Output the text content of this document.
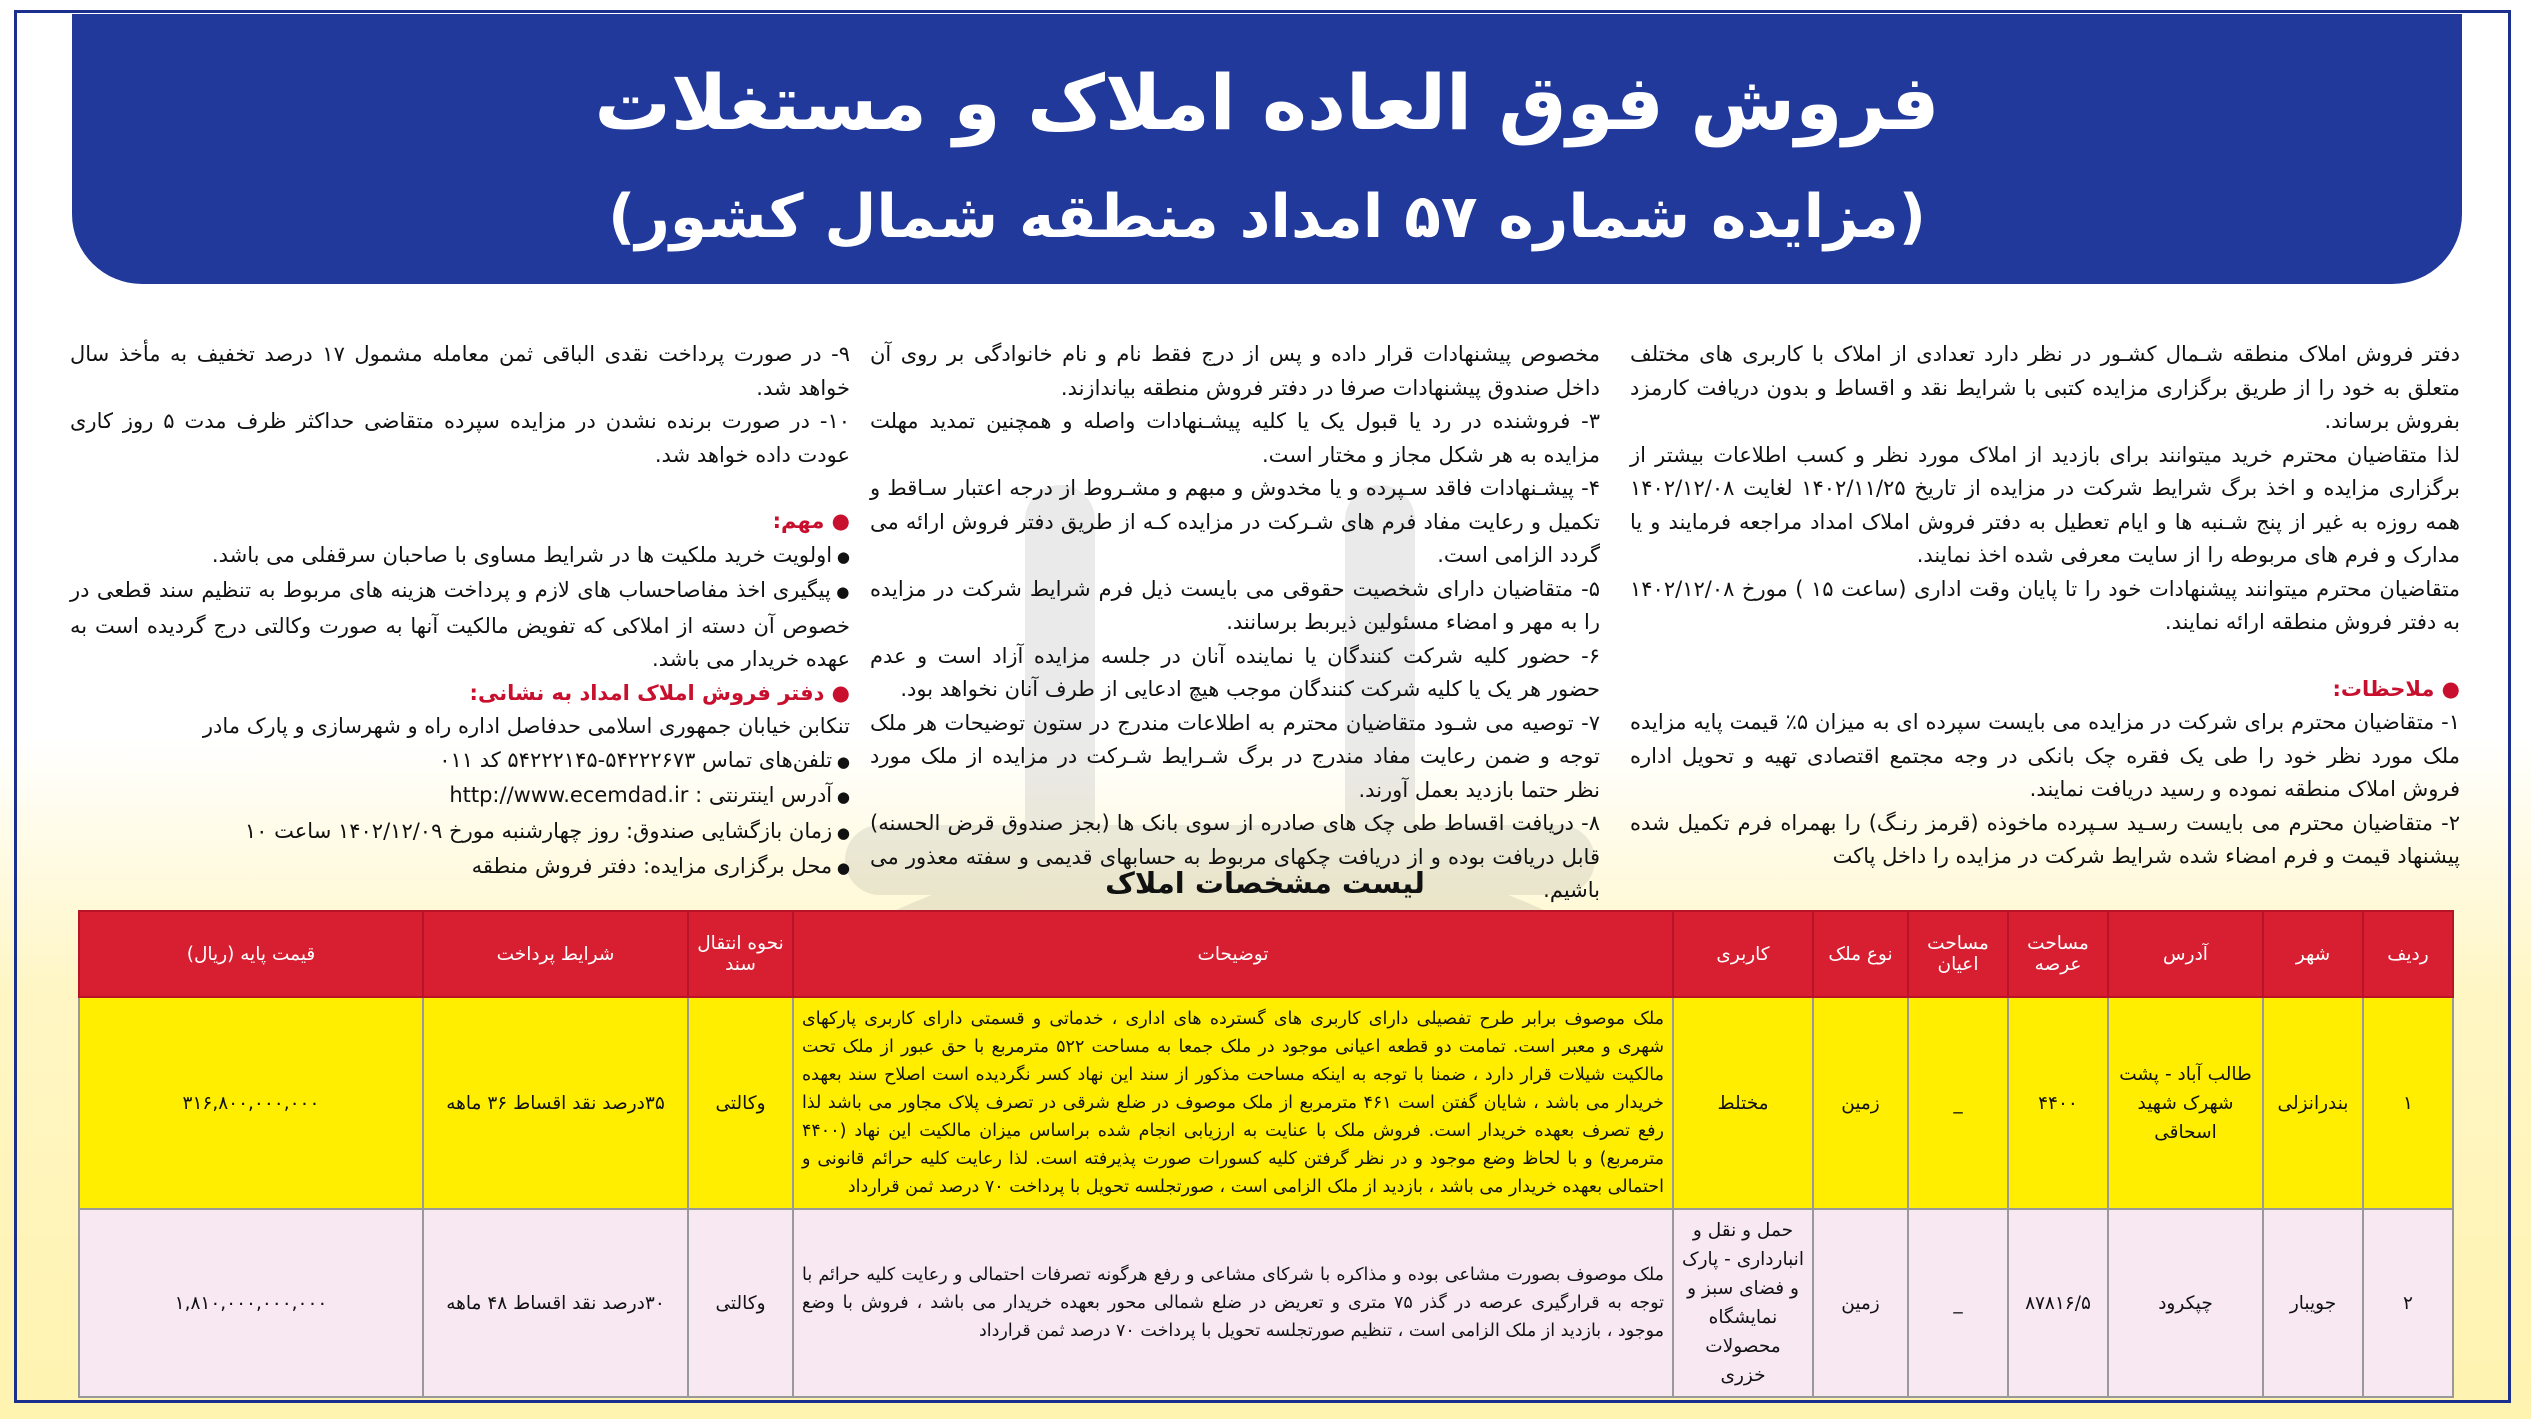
فروش فوق العاده املاک و مستغلات
(مزایده شماره ۵۷ امداد منطقه شمال کشور)

دفتر فروش املاک منطقه شـمال کشـور در نظر دارد تعدادی از املاک با کاربری های مختلف متعلق به خود را از طریق برگزاری مزایده کتبی با شرایط نقد و اقساط و بدون دریافت کارمزد بفروش برساند.

لذا متقاضیان محترم خرید میتوانند برای بازدید از املاک مورد نظر و کسب اطلاعات بیشتر از برگزاری مزایده و اخذ برگ شرایط شرکت در مزایده از تاریخ ۱۴۰۲/۱۱/۲۵ لغایت ۱۴۰۲/۱۲/۰۸ همه روزه به غیر از پنج شـنبه ها و ایام تعطیل به دفتر فروش املاک امداد مراجعه فرمایند و یا مدارک و فرم های مربوطه را از سایت معرفی شده اخذ نمایند.

متقاضیان محترم میتوانند پیشنهادات خود را تا پایان وقت اداری (ساعت ۱۵ ) مورخ ۱۴۰۲/۱۲/۰۸ به دفتر فروش منطقه ارائه نمایند.

● ملاحظات:

۱- متقاضیان محترم برای شرکت در مزایده می بایست سپرده ای به میزان ۵٪ قیمت پایه مزایده ملک مورد نظر خود را طی یک فقره چک بانکی در وجه مجتمع اقتصادی تهیه و تحویل اداره فروش املاک منطقه نموده و رسید دریافت نمایند.

۲- متقاضیان محترم می بایست رسـید سـپرده ماخوذه (قرمز رنـگ) را بهمراه فرم تکمیل شده پیشنهاد قیمت و فرم امضاء شده شرایط شرکت در مزایده را داخل پاکت

مخصوص پیشنهادات قرار داده و پس از درج فقط نام و نام خانوادگی بر روی آن داخل صندوق پیشنهادات صرفا در دفتر فروش منطقه بیاندازند.

۳- فروشنده در رد یا قبول یک یا کلیه پیشـنهادات واصله و همچنین تمدید مهلت مزایده به هر شکل مجاز و مختار است.

۴- پیشـنهادات فاقد سـپرده و یا مخدوش و مبهم و مشـروط از درجه اعتبار سـاقط و تکمیل و رعایت مفاد فرم های شـرکت در مزایده کـه از طریق دفتر فروش ارائه می گردد الزامی است.

۵- متقاضیان دارای شخصیت حقوقی می بایست ذیل فرم شرایط شرکت در مزایده را به مهر و امضاء مسئولین ذیربط برسانند.

۶- حضور کلیه شرکت کنندگان یا نماینده آنان در جلسه مزایده آزاد است و عدم حضور هر یک یا کلیه شرکت کنندگان موجب هیچ ادعایی از طرف آنان نخواهد بود.

۷- توصیه می شـود متقاضیان محترم به اطلاعات مندرج در ستون توضیحات هر ملک توجه و ضمن رعایت مفاد مندرج در برگ شـرایط شـرکت در مزایده از ملک مورد نظر حتما بازدید بعمل آورند.

۸- دریافت اقساط طی چک های صادره از سوی بانک ها (بجز صندوق قرض الحسنه) قابل دریافت بوده و از دریافت چکهای مربوط به حسابهای قدیمی و سفته معذور می باشیم.

۹- در صورت پرداخت نقدی الباقی ثمن معامله مشمول ۱۷ درصد تخفیف به مأخذ سال خواهد شد.

۱۰- در صورت برنده نشدن در مزایده سپرده متقاضی حداکثر ظرف مدت ۵ روز کاری عودت داده خواهد شد.

● مهم:

● اولویت خرید ملکیت ها در شرایط مساوی با صاحبان سرقفلی می باشد.

● پیگیری اخذ مفاصاحساب های لازم و پرداخت هزینه های مربوط به تنظیم سند قطعی در خصوص آن دسته از املاکی که تفویض مالکیت آنها به صورت وکالتی درج گردیده است به عهده خریدار می باشد.

● دفتر فروش املاک امداد به نشانی:

تنکابن خیابان جمهوری اسلامی حدفاصل اداره راه و شهرسازی و پارک مادر

● تلفن‌های تماس ۵۴۲۲۲۶۷۳-۵۴۲۲۲۱۴۵ کد ۰۱۱

● آدرس اینترنتی : http://www.ecemdad.ir

● زمان بازگشایی صندوق: روز چهارشنبه مورخ ۱۴۰۲/۱۲/۰۹ ساعت ۱۰

● محل برگزاری مزایده: دفتر فروش منطقه	لیست مشخصات املاک
ردیف	شهر	آدرس	مساحت عرصه	مساحت اعیان	نوع ملک	کاربری	توضیحات	نحوه انتقال سند	شرایط پرداخت	قیمت پایه (ریال)
۱	بندرانزلی	طالب آباد - پشت شهرک شهید اسحاقی	۴۴۰۰	_	زمین	مختلط	ملک موصوف برابر طرح تفصیلی دارای کاربری های گسترده های اداری ، خدماتی و قسمتی دارای کاربری پارکهای شهری و معبر است. تمامت دو قطعه اعیانی موجود در ملک جمعا به مساحت ۵۲۲ مترمربع با حق عبور از ملک تحت مالکیت شیلات قرار دارد ، ضمنا با توجه به اینکه مساحت مذکور از سند این نهاد کسر نگردیده است اصلاح سند بعهده خریدار می باشد ، شایان گفتن است ۴۶۱ مترمربع از ملک موصوف در ضلع شرقی در تصرف پلاک مجاور می باشد لذا رفع تصرف بعهده خریدار است. فروش ملک با عنایت به ارزیابی انجام شده براساس میزان مالکیت این نهاد (۴۴۰۰ مترمربع) و با لحاظ وضع موجود و در نظر گرفتن کلیه کسورات صورت پذیرفته است. لذا رعایت کلیه حرائم قانونی و احتمالی بعهده خریدار می باشد ، بازدید از ملک الزامی است ، صورتجلسه تحویل با پرداخت ۷۰ درصد ثمن قرارداد	وکالتی	۳۵درصد نقد اقساط ۳۶ ماهه	۳۱۶,۸۰۰,۰۰۰,۰۰۰
۲	جویبار	چپکرود	۸۷۸۱۶/۵	_	زمین	حمل و نقل و انبارداری - پارک و فضای سبز و نمایشگاه محصولات خزری	ملک موصوف بصورت مشاعی بوده و مذاکره با شرکای مشاعی و رفع هرگونه تصرفات احتمالی و رعایت کلیه حرائم با توجه به قرارگیری عرصه در گذر ۷۵ متری و تعریض در ضلع شمالی محور بعهده خریدار می باشد ، فروش با وضع موجود ، بازدید از ملک الزامی است ، تنظیم صورتجلسه تحویل با پرداخت ۷۰ درصد ثمن قرارداد	وکالتی	۳۰درصد نقد اقساط ۴۸ ماهه	۱,۸۱۰,۰۰۰,۰۰۰,۰۰۰
